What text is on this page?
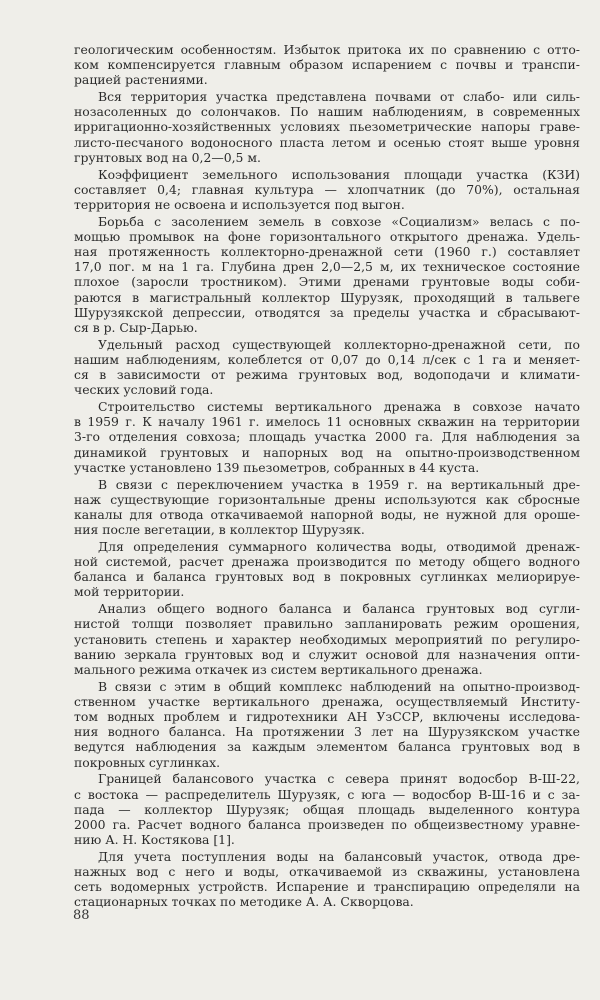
геологическим особенностям. Избыток притока их по сравнению с отто-
ком компенсируется главным образом испарением с почвы и транспи-
рацией растениями.

Вся территория участка представлена почвами от слабо- или силь-
нозасоленных до солончаков. По нашим наблюдениям, в современных
ирригационно-хозяйственных условиях пьезометрические напоры граве-
листо-песчаного водоносного пласта летом и осенью стоят выше уровня
грунтовых вод на 0,2—0,5 м.

Коэффициент земельного использования площади участка (КЗИ)
составляет 0,4; главная культура — хлопчатник (до 70%), остальная
территория не освоена и используется под выгон.

Борьба с засолением земель в совхозе «Социализм» велась с по-
мощью промывок на фоне горизонтального открытого дренажа. Удель-
ная протяженность коллекторно-дренажной сети (1960 г.) составляет
17,0 пог. м на 1 га. Глубина дрен 2,0—2,5 м, их техническое состояние
плохое (заросли тростником). Этими дренами грунтовые воды соби-
раются в магистральный коллектор Шурузяк, проходящий в тальвеге
Шурузякской депрессии, отводятся за пределы участка и сбрасывают-
ся в р. Сыр-Дарью.

Удельный расход существующей коллекторно-дренажной сети, по
нашим наблюдениям, колеблется от 0,07 до 0,14 л/сек с 1 га и меняет-
ся в зависимости от режима грунтовых вод, водоподачи и климати-
ческих условий года.

Строительство системы вертикального дренажа в совхозе начато
в 1959 г. К началу 1961 г. имелось 11 основных скважин на территории
3-го отделения совхоза; площадь участка 2000 га. Для наблюдения за
динамикой грунтовых и напорных вод на опытно-производственном
участке установлено 139 пьезометров, собранных в 44 куста.

В связи с переключением участка в 1959 г. на вертикальный дре-
наж существующие горизонтальные дрены используются как сбросные
каналы для отвода откачиваемой напорной воды, не нужной для ороше-
ния после вегетации, в коллектор Шурузяк.

Для определения суммарного количества воды, отводимой дренаж-
ной системой, расчет дренажа производится по методу общего водного
баланса и баланса грунтовых вод в покровных суглинках мелиорируе-
мой территории.

Анализ общего водного баланса и баланса грунтовых вод сугли-
нистой толщи позволяет правильно запланировать режим орошения,
установить степень и характер необходимых мероприятий по регулиро-
ванию зеркала грунтовых вод и служит основой для назначения опти-
мального режима откачек из систем вертикального дренажа.

В связи с этим в общий комплекс наблюдений на опытно-производ-
ственном участке вертикального дренажа, осуществляемый Институ-
том водных проблем и гидротехники АН УзССР, включены исследова-
ния водного баланса. На протяжении 3 лет на Шурузякском участке
ведутся наблюдения за каждым элементом баланса грунтовых вод в
покровных суглинках.

Границей балансового участка с севера принят водосбор В-Ш-22,
с востока — распределитель Шурузяк, с юга — водосбор В-Ш-16 и с за-
пада — коллектор Шурузяк; общая площадь выделенного контура
2000 га. Расчет водного баланса произведен по общеизвестному уравне-
нию А. Н. Костякова [1].

Для учета поступления воды на балансовый участок, отвода дре-
нажных вод с него и воды, откачиваемой из скважины, установлена
сеть водомерных устройств. Испарение и транспирацию определяли на
стационарных точках по методике А. А. Скворцова.

88
